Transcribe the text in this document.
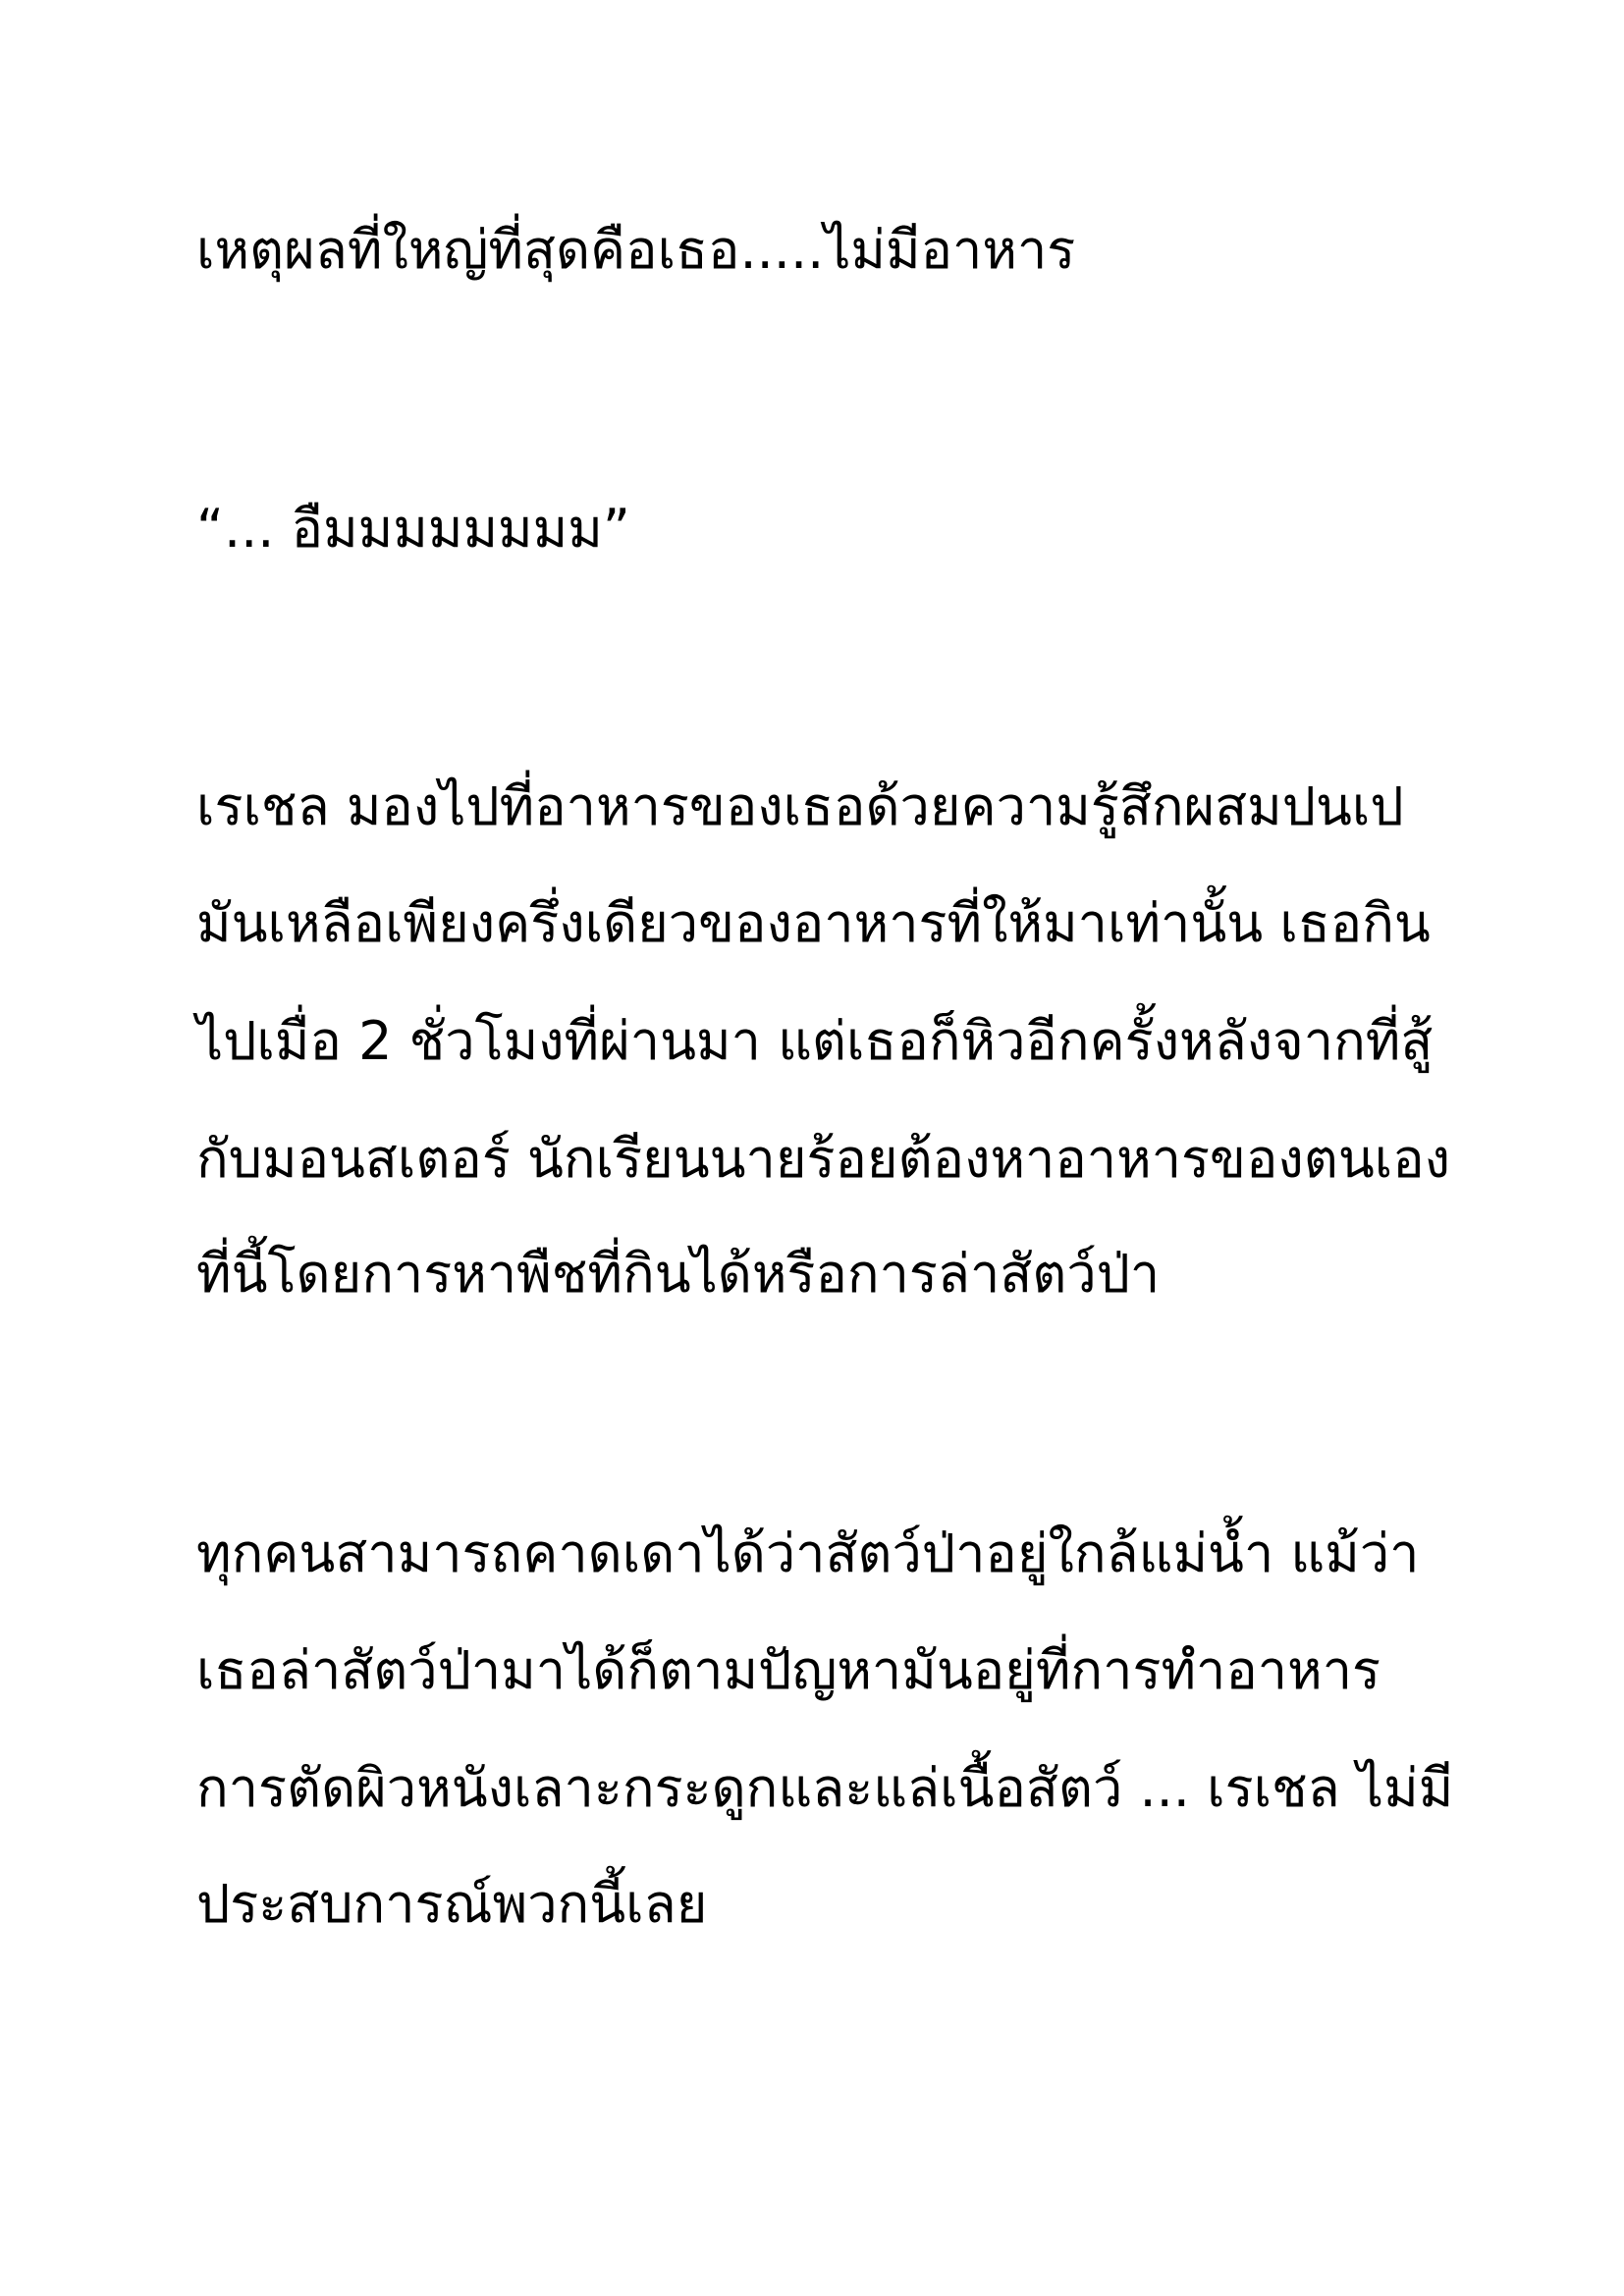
เหตุผลที่ใหญ่ที่สุดคือเธอ.....ไม่มีอาหาร

“... อืมมมมมมมม”

เรเชล มองไปที่อาหารของเธอด้วยความรู้สึกผสมปนเป

มันเหลือเพียงครึ่งเดียวของอาหารที่ให้มาเท่านั้น เธอกิน

ไปเมื่อ 2 ชั่วโมงที่ผ่านมา แต่เธอก็หิวอีกครั้งหลังจากที่สู้

กับมอนสเตอร์ นักเรียนนายร้อยต้องหาอาหารของตนเอง

ที่นี้โดยการหาพืชที่กินได้หรือการล่าสัตว์ป่า

ทุกคนสามารถคาดเดาได้ว่าสัตว์ป่าอยู่ใกล้แม่น้ำ แม้ว่า

เธอล่าสัตว์ป่ามาได้ก็ตามปัญหามันอยู่ที่การทำอาหาร

การตัดผิวหนังเลาะกระดูกและแล่เนื้อสัตว์ ... เรเชล ไม่มี

ประสบการณ์พวกนี้เลย
